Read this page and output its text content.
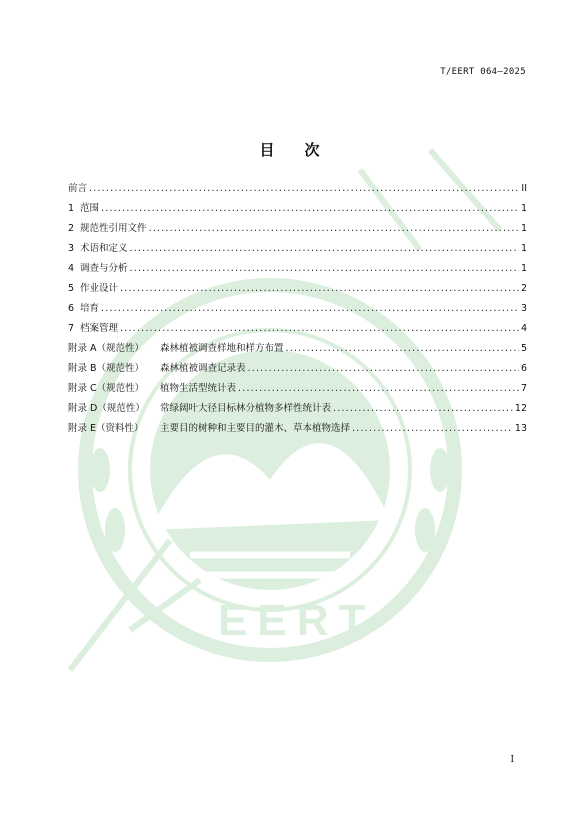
EERT
T/EERT 064—2025
目 次
前言 .....	II
1 范围 .....	1
2 规范性引用文件 .....	1
3 术语和定义 .....	1
4 调查与分析 .....	1
5 作业设计 .....	2
6 培育 .....	3
7 档案管理 .....	4
附录 A（规范性）	森林植被调查样地和样方布置 .....	5
附录 B（规范性）	森林植被调查记录表 .....	6
附录 C（规范性）	植物生活型统计表 .....	7
附录 D（规范性）	常绿阔叶大径目标林分植物多样性统计表 .....	12
附录 E（资料性）	主要目的树种和主要目的灌木、草本植物选择 .....	13
I
